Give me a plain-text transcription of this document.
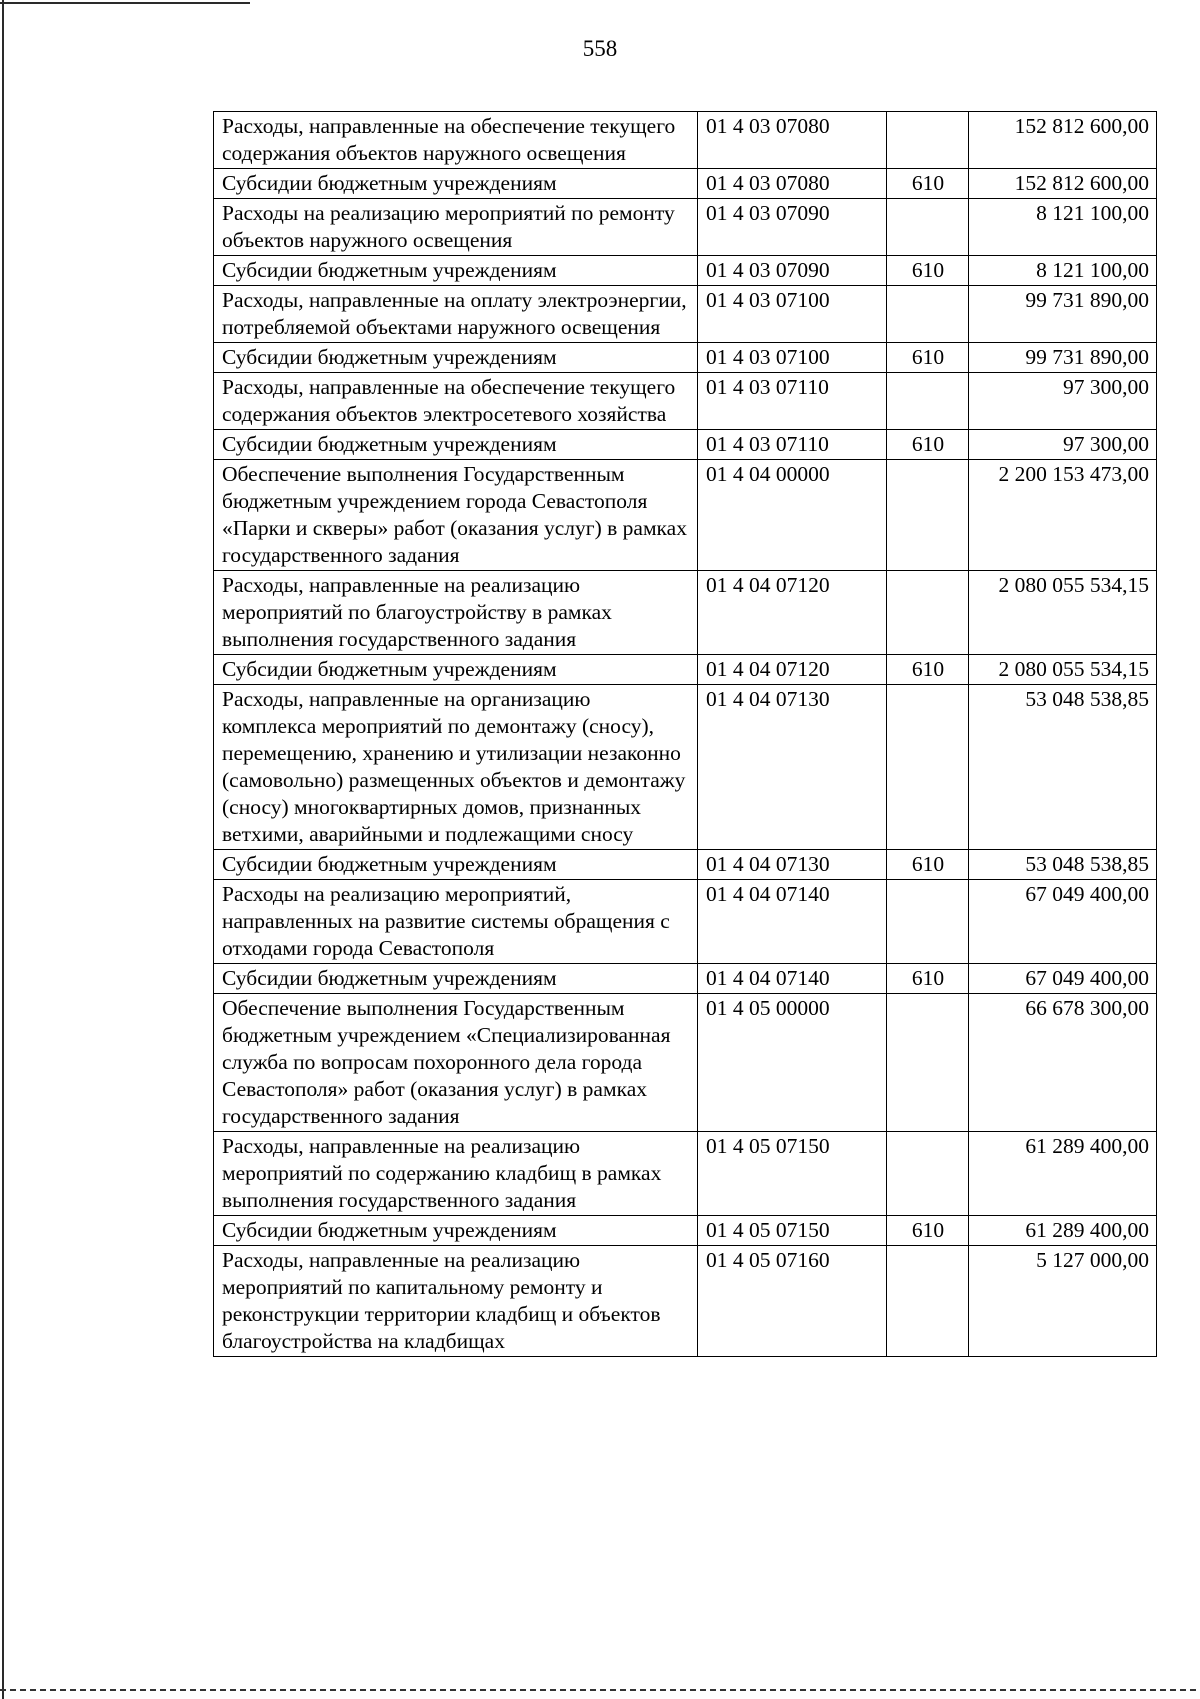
558
Расходы, направленные на обеспечение текущего содержания объектов наружного освещения	01 4 03 07080		152 812 600,00
Субсидии бюджетным учреждениям	01 4 03 07080	610	152 812 600,00
Расходы на реализацию мероприятий по ремонту объектов наружного освещения	01 4 03 07090		8 121 100,00
Субсидии бюджетным учреждениям	01 4 03 07090	610	8 121 100,00
Расходы, направленные на оплату электроэнергии, потребляемой объектами наружного освещения	01 4 03 07100		99 731 890,00
Субсидии бюджетным учреждениям	01 4 03 07100	610	99 731 890,00
Расходы, направленные на обеспечение текущего содержания объектов электросетевого хозяйства	01 4 03 07110		97 300,00
Субсидии бюджетным учреждениям	01 4 03 07110	610	97 300,00
Обеспечение выполнения Государственным бюджетным учреждением города Севастополя «Парки и скверы» работ (оказания услуг) в рамках государственного задания	01 4 04 00000		2 200 153 473,00
Расходы, направленные на реализацию мероприятий по благоустройству в рамках выполнения государственного задания	01 4 04 07120		2 080 055 534,15
Субсидии бюджетным учреждениям	01 4 04 07120	610	2 080 055 534,15
Расходы, направленные на организацию комплекса мероприятий по демонтажу (сносу), перемещению, хранению и утилизации незаконно (самовольно) размещенных объектов и демонтажу (сносу) многоквартирных домов, признанных ветхими, аварийными и подлежащими сносу	01 4 04 07130		53 048 538,85
Субсидии бюджетным учреждениям	01 4 04 07130	610	53 048 538,85
Расходы на реализацию мероприятий, направленных на развитие системы обращения с отходами города Севастополя	01 4 04 07140		67 049 400,00
Субсидии бюджетным учреждениям	01 4 04 07140	610	67 049 400,00
Обеспечение выполнения Государственным бюджетным учреждением «Специализированная служба по вопросам похоронного дела города Севастополя» работ (оказания услуг) в рамках государственного задания	01 4 05 00000		66 678 300,00
Расходы, направленные на реализацию мероприятий по содержанию кладбищ в рамках выполнения государственного задания	01 4 05 07150		61 289 400,00
Субсидии бюджетным учреждениям	01 4 05 07150	610	61 289 400,00
Расходы, направленные на реализацию мероприятий по капитальному ремонту и реконструкции территории кладбищ и объектов благоустройства на кладбищах	01 4 05 07160		5 127 000,00
